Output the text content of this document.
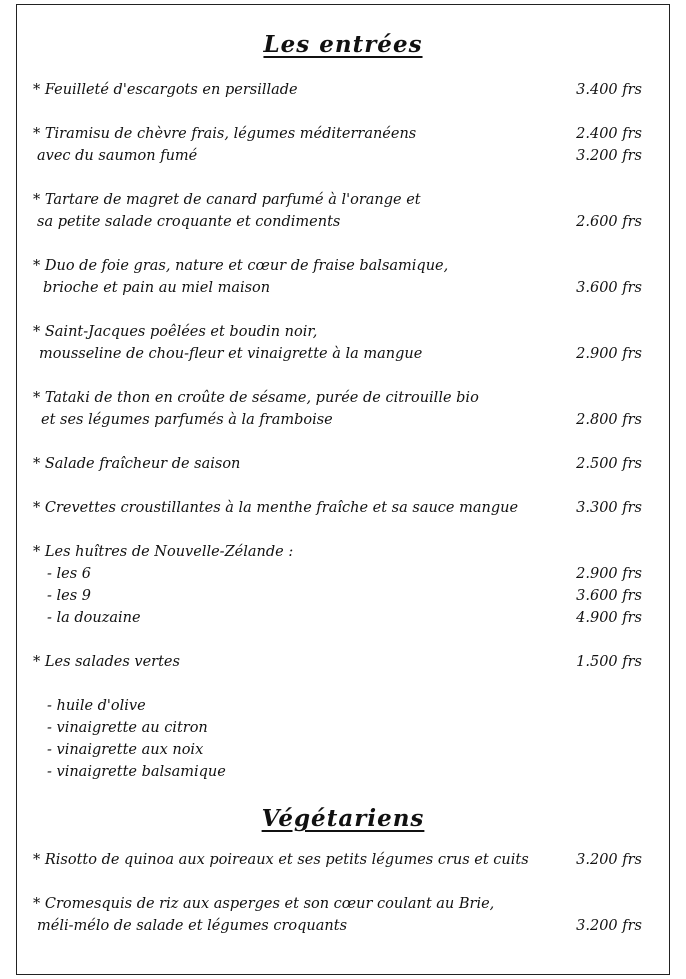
Les entrées
* Feuilleté d'escargots en persillade	3.400 frs
* Tiramisu de chèvre frais, légumes méditerranéens	2.400 frs
avec du saumon fumé	3.200 frs
* Tartare de magret de canard parfumé à l'orange et
sa petite salade croquante et condiments	2.600 frs
* Duo de foie gras, nature et cœur de fraise balsamique,
brioche et pain au miel maison	3.600 frs
* Saint-Jacques poêlées et boudin noir,
mousseline de chou-fleur et vinaigrette à la mangue	2.900 frs
* Tataki de thon en croûte de sésame, purée de citrouille bio
et ses légumes parfumés à la framboise	2.800 frs
* Salade fraîcheur de saison	2.500 frs
* Crevettes croustillantes à la menthe fraîche et sa sauce mangue	3.300 frs
* Les huîtres de Nouvelle-Zélande :
- les 6	2.900 frs
- les 9	3.600 frs
- la douzaine	4.900 frs
* Les salades vertes	1.500 frs
- huile d'olive
- vinaigrette au citron
- vinaigrette aux noix
- vinaigrette balsamique
Végétariens
* Risotto de quinoa aux poireaux et ses petits légumes crus et cuits	3.200 frs
* Cromesquis de riz aux asperges et son cœur coulant au Brie,
méli-mélo de salade et légumes croquants	3.200 frs
